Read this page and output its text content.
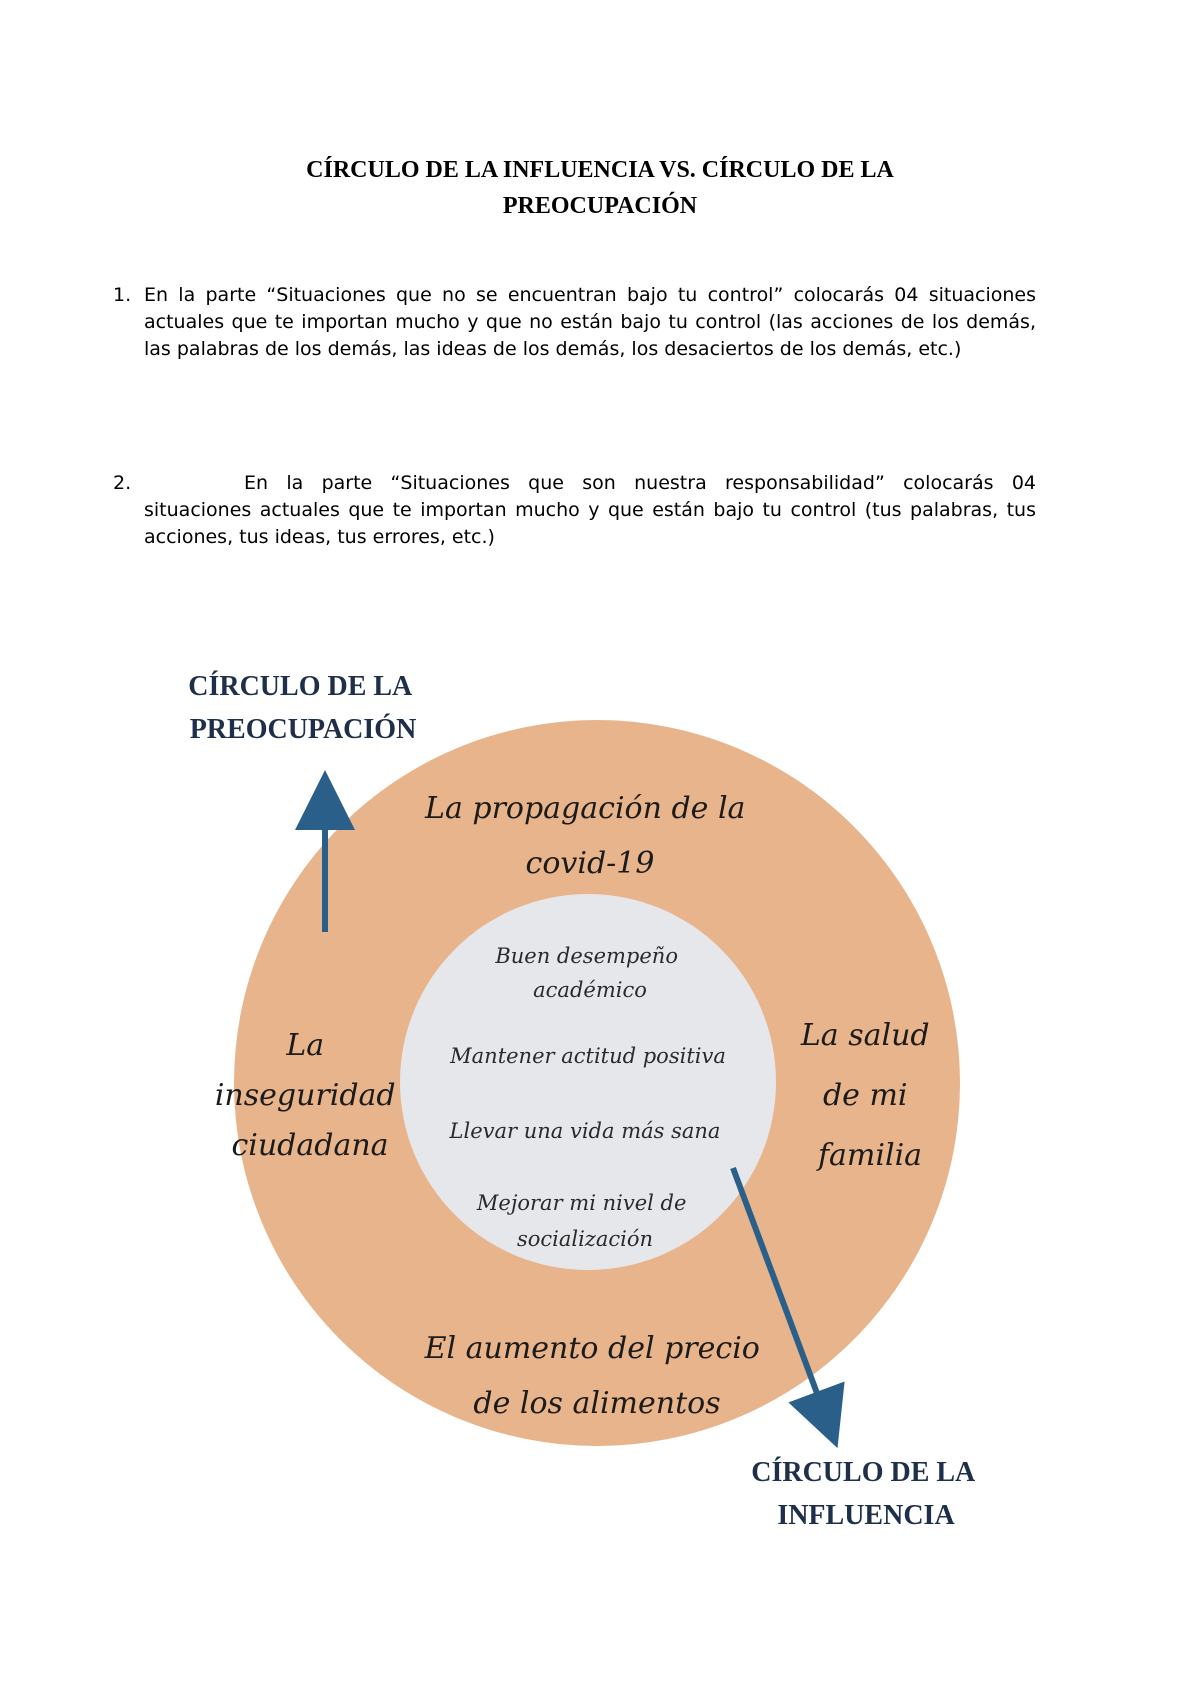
CÍRCULO DE LA INFLUENCIA VS. CÍRCULO DE LA
PREOCUPACIÓN
1. En la parte “Situaciones que no se encuentran bajo tu control” colocarás 04 situaciones actuales que te importan mucho y que no están bajo tu control (las acciones de los demás, las palabras de los demás, las ideas de los demás, los desaciertos de los demás, etc.)
2.	En la parte “Situaciones que son nuestra responsabilidad” colocarás 04 situaciones actuales que te importan mucho y que están bajo tu control (tus palabras, tus acciones, tus ideas, tus errores, etc.)
CÍRCULO DE LA PREOCUPACIÓN
CÍRCULO DE LA INFLUENCIA
La propagación de la covid-19
La inseguridad ciudadana
La salud de mi familia
El aumento del precio de los alimentos
Buen desempeño académico
Mantener actitud positiva
Llevar una vida más sana
Mejorar mi nivel de socialización
